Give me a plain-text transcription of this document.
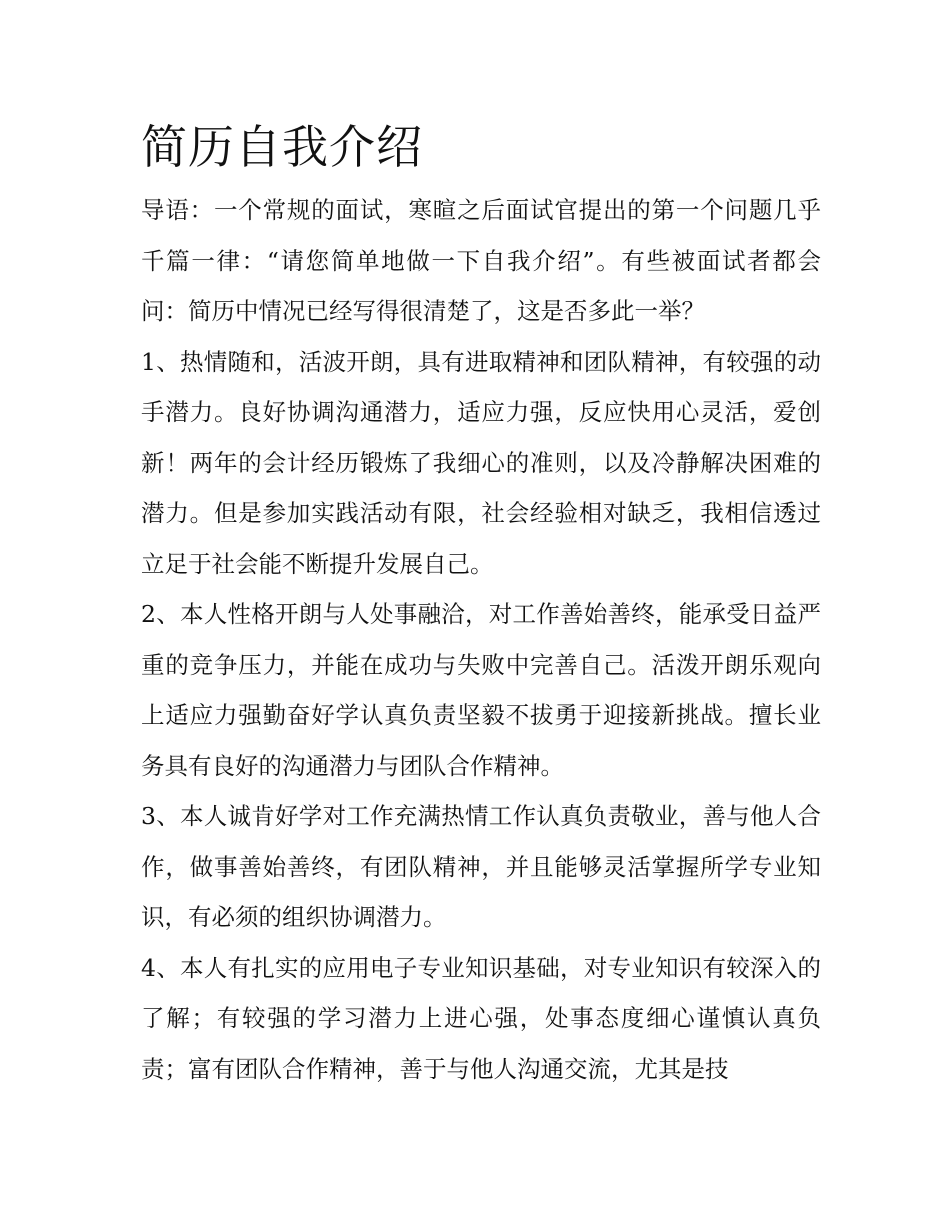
简历自我介绍

导语：一个常规的面试，寒暄之后面试官提出的第一个问题几乎千篇一律：“请您简单地做一下自我介绍”。有些被面试者都会问：简历中情况已经写得很清楚了，这是否多此一举？

1、热情随和，活波开朗，具有进取精神和团队精神，有较强的动手潜力。良好协调沟通潜力，适应力强，反应快用心灵活，爱创新！两年的会计经历锻炼了我细心的准则，以及冷静解决困难的潜力。但是参加实践活动有限，社会经验相对缺乏，我相信透过立足于社会能不断提升发展自己。

2、本人性格开朗与人处事融洽，对工作善始善终，能承受日益严重的竞争压力，并能在成功与失败中完善自己。活泼开朗乐观向上适应力强勤奋好学认真负责坚毅不拔勇于迎接新挑战。擅长业务具有良好的沟通潜力与团队合作精神。

3、本人诚肯好学对工作充满热情工作认真负责敬业，善与他人合作，做事善始善终，有团队精神，并且能够灵活掌握所学专业知识，有必须的组织协调潜力。

4、本人有扎实的应用电子专业知识基础，对专业知识有较深入的了解；有较强的学习潜力上进心强，处事态度细心谨慎认真负责；富有团队合作精神，善于与他人沟通交流，尤其是技
